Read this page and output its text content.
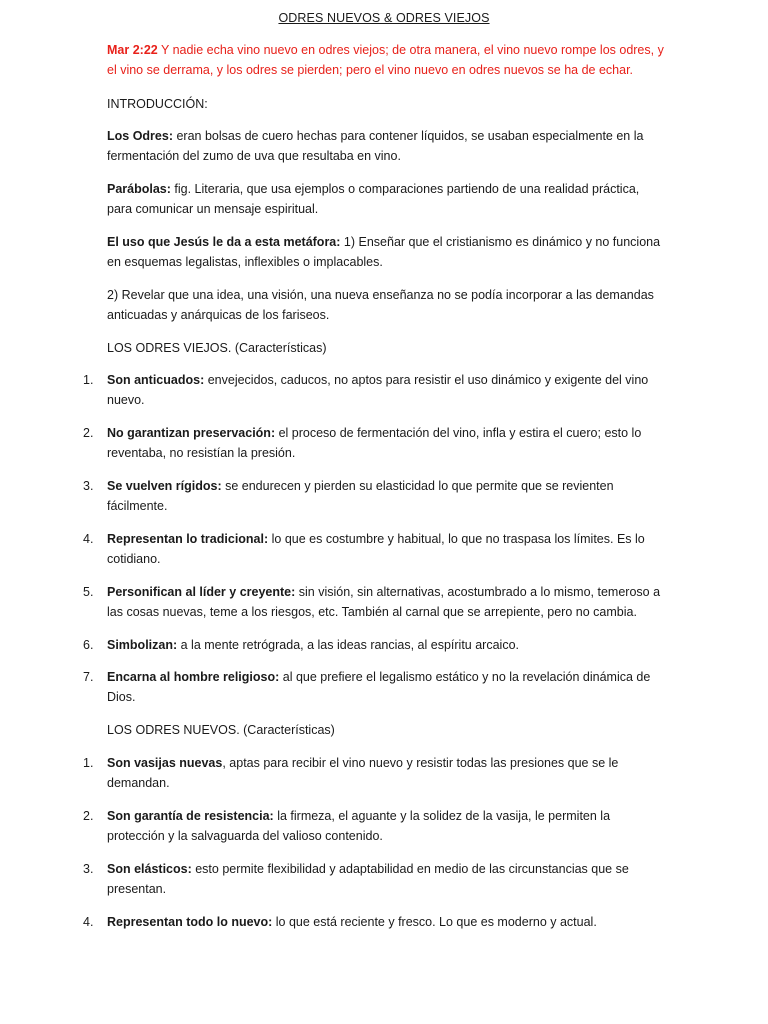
ODRES NUEVOS & ODRES VIEJOS

Mar 2:22 Y nadie echa vino nuevo en odres viejos; de otra manera, el vino nuevo rompe los odres, y el vino se derrama, y los odres se pierden; pero el vino nuevo en odres nuevos se ha de echar.

INTRODUCCIÓN:

Los Odres: eran bolsas de cuero hechas para contener líquidos, se usaban especialmente en la fermentación del zumo de uva que resultaba en vino.

Parábolas: fig. Literaria, que usa ejemplos o comparaciones partiendo de una realidad práctica, para comunicar un mensaje espiritual.

El uso que Jesús le da a esta metáfora: 1) Enseñar que el cristianismo es dinámico y no funciona en esquemas legalistas, inflexibles o implacables.

2) Revelar que una idea, una visión, una nueva enseñanza no se podía incorporar a las demandas anticuadas y anárquicas de los fariseos.

LOS ODRES VIEJOS. (Características)

1.	Son anticuados: envejecidos, caducos, no aptos para resistir el uso dinámico y exigente del vino nuevo.

2.	No garantizan preservación: el proceso de fermentación del vino, infla y estira el cuero; esto lo reventaba, no resistían la presión.

3.	Se vuelven rígidos: se endurecen y pierden su elasticidad lo que permite que se revienten fácilmente.

4.	Representan lo tradicional: lo que es costumbre y habitual, lo que no traspasa los límites. Es lo cotidiano.

5.	Personifican al líder y creyente: sin visión, sin alternativas, acostumbrado a lo mismo, temeroso a las cosas nuevas, teme a los riesgos, etc. También al carnal que se arrepiente, pero no cambia.

6.	Simbolizan: a la mente retrógrada, a las ideas rancias, al espíritu arcaico.

7.	Encarna al hombre religioso: al que prefiere el legalismo estático y no la revelación dinámica de Dios.

LOS ODRES NUEVOS. (Características)

1.	Son vasijas nuevas, aptas para recibir el vino nuevo y resistir todas las presiones que se le demandan.

2.	Son garantía de resistencia: la firmeza, el aguante y la solidez de la vasija, le permiten la protección y la salvaguarda del valioso contenido.

3.	Son elásticos: esto permite flexibilidad y adaptabilidad en medio de las circunstancias que se presentan.

4.	Representan todo lo nuevo: lo que está reciente y fresco. Lo que es moderno y actual.
